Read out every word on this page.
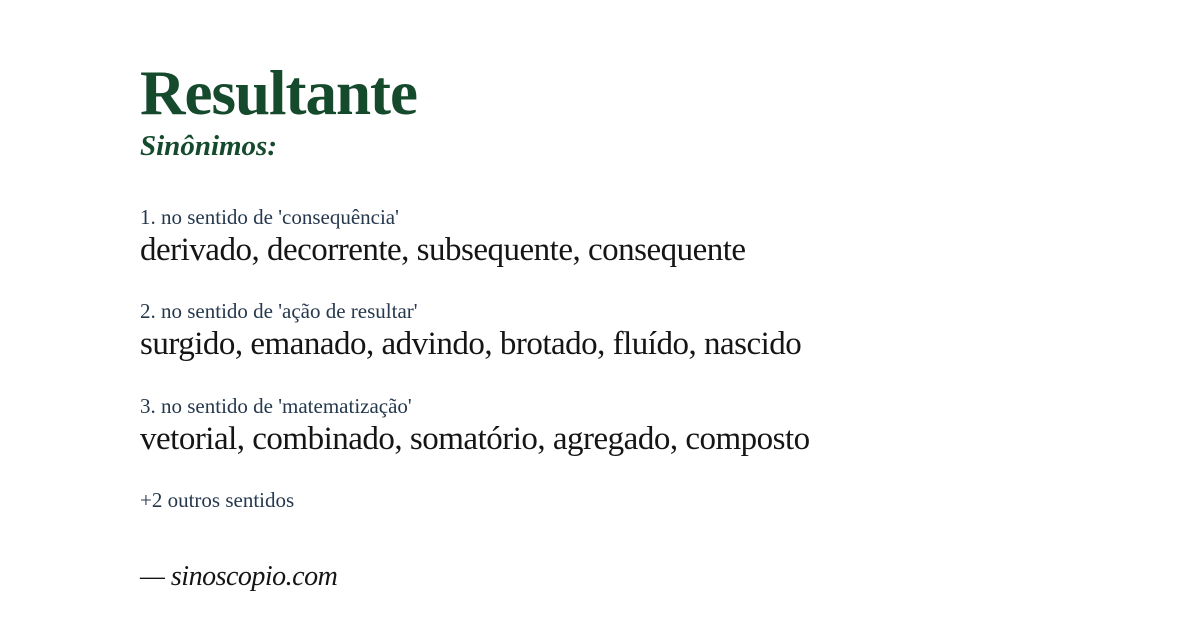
Resultante
Sinônimos:
1. no sentido de 'consequência'
derivado, decorrente, subsequente, consequente
2. no sentido de 'ação de resultar'
surgido, emanado, advindo, brotado, fluído, nascido
3. no sentido de 'matematização'
vetorial, combinado, somatório, agregado, composto
+2 outros sentidos
— sinoscopio.com
